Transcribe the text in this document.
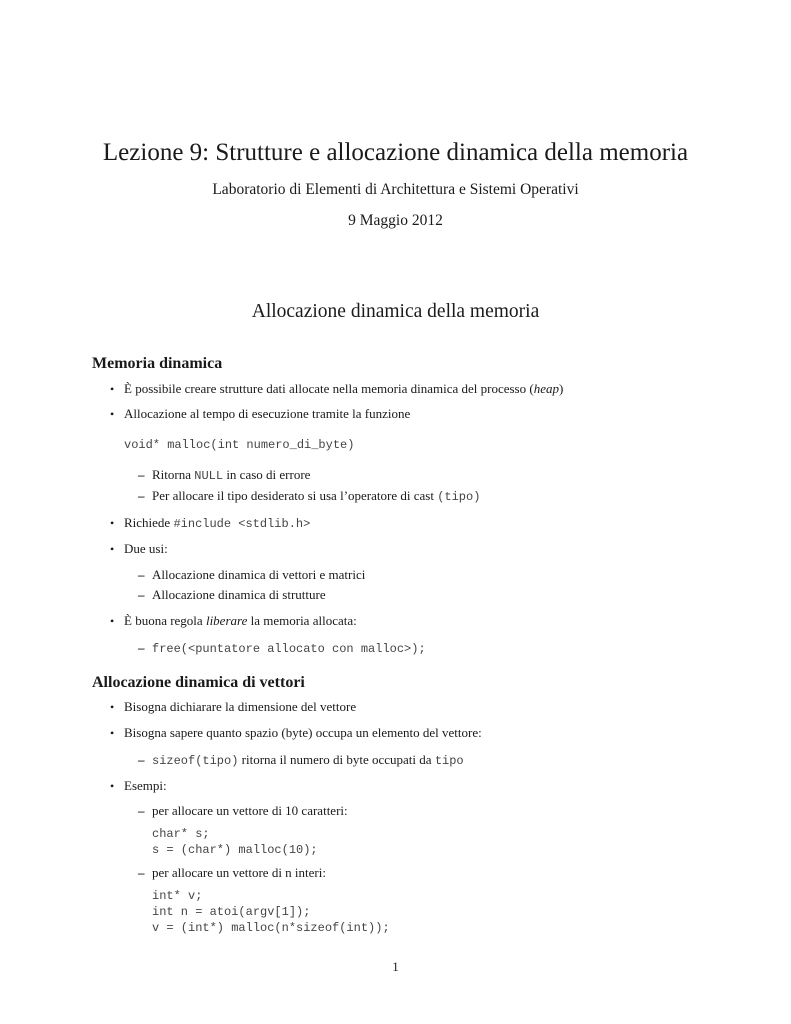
Lezione 9: Strutture e allocazione dinamica della memoria
Laboratorio di Elementi di Architettura e Sistemi Operativi
9 Maggio 2012
Allocazione dinamica della memoria
Memoria dinamica
• È possibile creare strutture dati allocate nella memoria dinamica del processo (heap)
• Allocazione al tempo di esecuzione tramite la funzione
void* malloc(int numero_di_byte)
– Ritorna NULL in caso di errore
– Per allocare il tipo desiderato si usa l’operatore di cast (tipo)
• Richiede #include <stdlib.h>
• Due usi:
– Allocazione dinamica di vettori e matrici
– Allocazione dinamica di strutture
• È buona regola liberare la memoria allocata:
– free(<puntatore allocato con malloc>);
Allocazione dinamica di vettori
• Bisogna dichiarare la dimensione del vettore
• Bisogna sapere quanto spazio (byte) occupa un elemento del vettore:
– sizeof(tipo) ritorna il numero di byte occupati da tipo
• Esempi:
– per allocare un vettore di 10 caratteri:
char* s;
s = (char*) malloc(10);
– per allocare un vettore di n interi:
int* v;
int n = atoi(argv[1]);
v = (int*) malloc(n*sizeof(int));
1
